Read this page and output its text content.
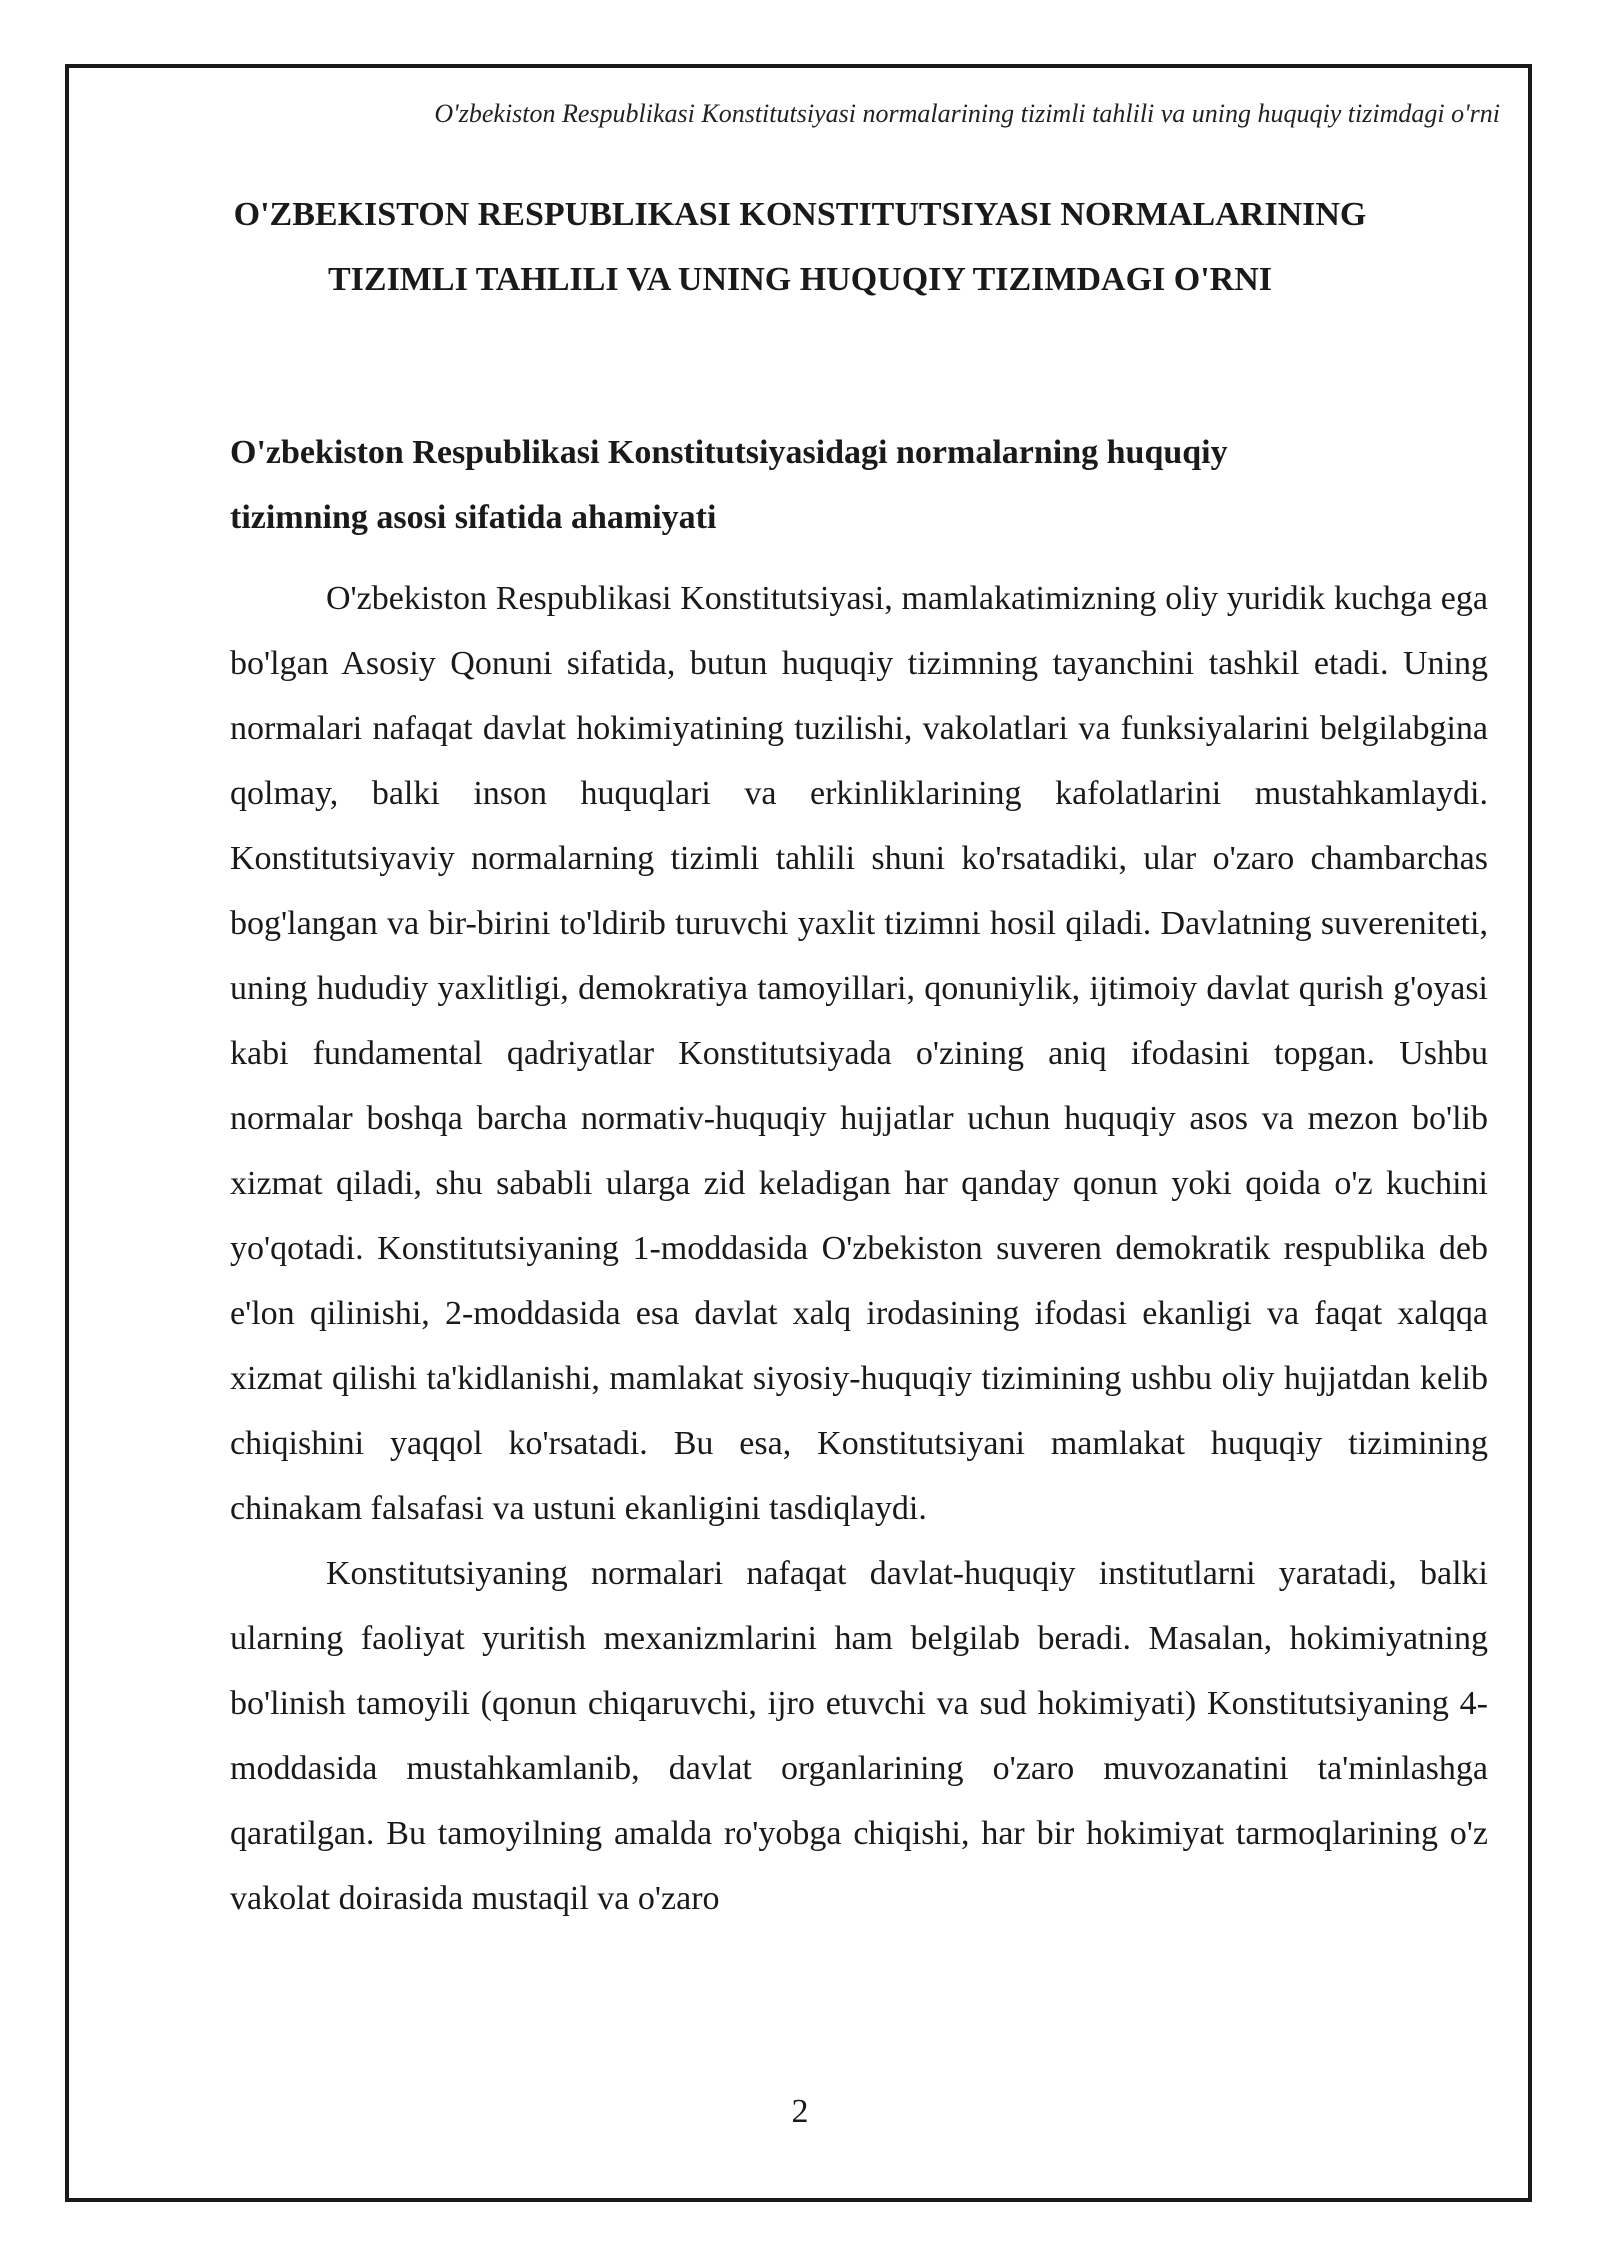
O'zbekiston Respublikasi Konstitutsiyasi normalarining tizimli tahlili va uning huquqiy tizimdagi o'rni
O'ZBEKISTON RESPUBLIKASI KONSTITUTSIYASI NORMALARINING TIZIMLI TAHLILI VA UNING HUQUQIY TIZIMDAGI O'RNI
O'zbekiston Respublikasi Konstitutsiyasidagi normalarning huquqiy tizimning asosi sifatida ahamiyati

O'zbekiston Respublikasi Konstitutsiyasi, mamlakatimizning oliy yuridik kuchga ega bo'lgan Asosiy Qonuni sifatida, butun huquqiy tizimning tayanchini tashkil etadi. Uning normalari nafaqat davlat hokimiyatining tuzilishi, vakolatlari va funksiyalarini belgilabgina qolmay, balki inson huquqlari va erkinliklarining kafolatlarini mustahkamlaydi. Konstitutsiyaviy normalarning tizimli tahlili shuni ko'rsatadiki, ular o'zaro chambarchas bog'langan va bir-birini to'ldirib turuvchi yaxlit tizimni hosil qiladi. Davlatning suvereniteti, uning hududiy yaxlitligi, demokratiya tamoyillari, qonuniylik, ijtimoiy davlat qurish g'oyasi kabi fundamental qadriyatlar Konstitutsiyada o'zining aniq ifodasini topgan. Ushbu normalar boshqa barcha normativ-huquqiy hujjatlar uchun huquqiy asos va mezon bo'lib xizmat qiladi, shu sababli ularga zid keladigan har qanday qonun yoki qoida o'z kuchini yo'qotadi. Konstitutsiyaning 1-moddasida O'zbekiston suveren demokratik respublika deb e'lon qilinishi, 2-moddasida esa davlat xalq irodasining ifodasi ekanligi va faqat xalqqa xizmat qilishi ta'kidlanishi, mamlakat siyosiy-huquqiy tizimining ushbu oliy hujjatdan kelib chiqishini yaqqol ko'rsatadi. Bu esa, Konstitutsiyani mamlakat huquqiy tizimining chinakam falsafasi va ustuni ekanligini tasdiqlaydi.

Konstitutsiyaning normalari nafaqat davlat-huquqiy institutlarni yaratadi, balki ularning faoliyat yuritish mexanizmlarini ham belgilab beradi. Masalan, hokimiyatning bo'linish tamoyili (qonun chiqaruvchi, ijro etuvchi va sud hokimiyati) Konstitutsiyaning 4-moddasida mustahkamlanib, davlat organlarining o'zaro muvozanatini ta'minlashga qaratilgan. Bu tamoyilning amalda ro'yobga chiqishi, har bir hokimiyat tarmoqlarining o'z vakolat doirasida mustaqil va o'zaro

2
